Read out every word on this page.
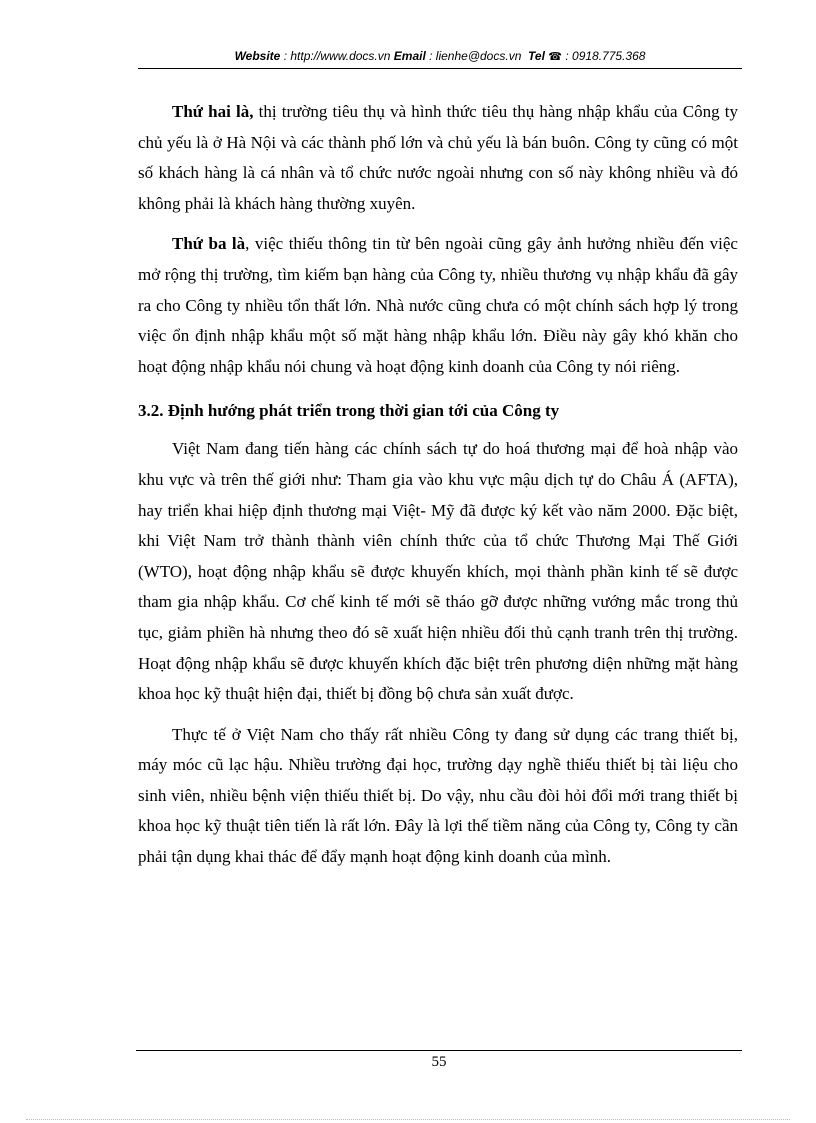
Website : http://www.docs.vn Email : lienhe@docs.vn Tel ☎ : 0918.775.368

Thứ hai là, thị trường tiêu thụ và hình thức tiêu thụ hàng nhập khẩu của Công ty chủ yếu là ở Hà Nội và các thành phố lớn và chủ yếu là bán buôn. Công ty cũng có một số khách hàng là cá nhân và tổ chức nước ngoài nhưng con số này không nhiều và đó không phải là khách hàng thường xuyên.

Thứ ba là, việc thiếu thông tin từ bên ngoài cũng gây ảnh hưởng nhiều đến việc mở rộng thị trường, tìm kiếm bạn hàng của Công ty, nhiều thương vụ nhập khẩu đã gây ra cho Công ty nhiều tổn thất lớn. Nhà nước cũng chưa có một chính sách hợp lý trong việc ổn định nhập khẩu một số mặt hàng nhập khẩu lớn. Điều này gây khó khăn cho hoạt động nhập khẩu nói chung và hoạt động kinh doanh của Công ty nói riêng.

3.2. Định hướng phát triển trong thời gian tới của Công ty

Việt Nam đang tiến hàng các chính sách tự do hoá thương mại để hoà nhập vào khu vực và trên thế giới như: Tham gia vào khu vực mậu dịch tự do Châu Á (AFTA), hay triển khai hiệp định thương mại Việt- Mỹ đã được ký kết vào năm 2000. Đặc biệt, khi Việt Nam trở thành thành viên chính thức của tổ chức Thương Mại Thế Giới (WTO), hoạt động nhập khẩu sẽ được khuyến khích, mọi thành phần kinh tế sẽ được tham gia nhập khẩu. Cơ chế kinh tế mới sẽ tháo gỡ được những vướng mắc trong thủ tục, giảm phiền hà nhưng theo đó sẽ xuất hiện nhiều đối thủ cạnh tranh trên thị trường. Hoạt động nhập khẩu sẽ được khuyến khích đặc biệt trên phương diện những mặt hàng khoa học kỹ thuật hiện đại, thiết bị đồng bộ chưa sản xuất được.

Thực tế ở Việt Nam cho thấy rất nhiều Công ty đang sử dụng các trang thiết bị, máy móc cũ lạc hậu. Nhiều trường đại học, trường dạy nghề thiếu thiết bị tài liệu cho sinh viên, nhiều bệnh viện thiếu thiết bị. Do vậy, nhu cầu đòi hỏi đổi mới trang thiết bị khoa học kỹ thuật tiên tiến là rất lớn. Đây là lợi thế tiềm năng của Công ty, Công ty cần phải tận dụng khai thác để đẩy mạnh hoạt động kinh doanh của mình.

55
